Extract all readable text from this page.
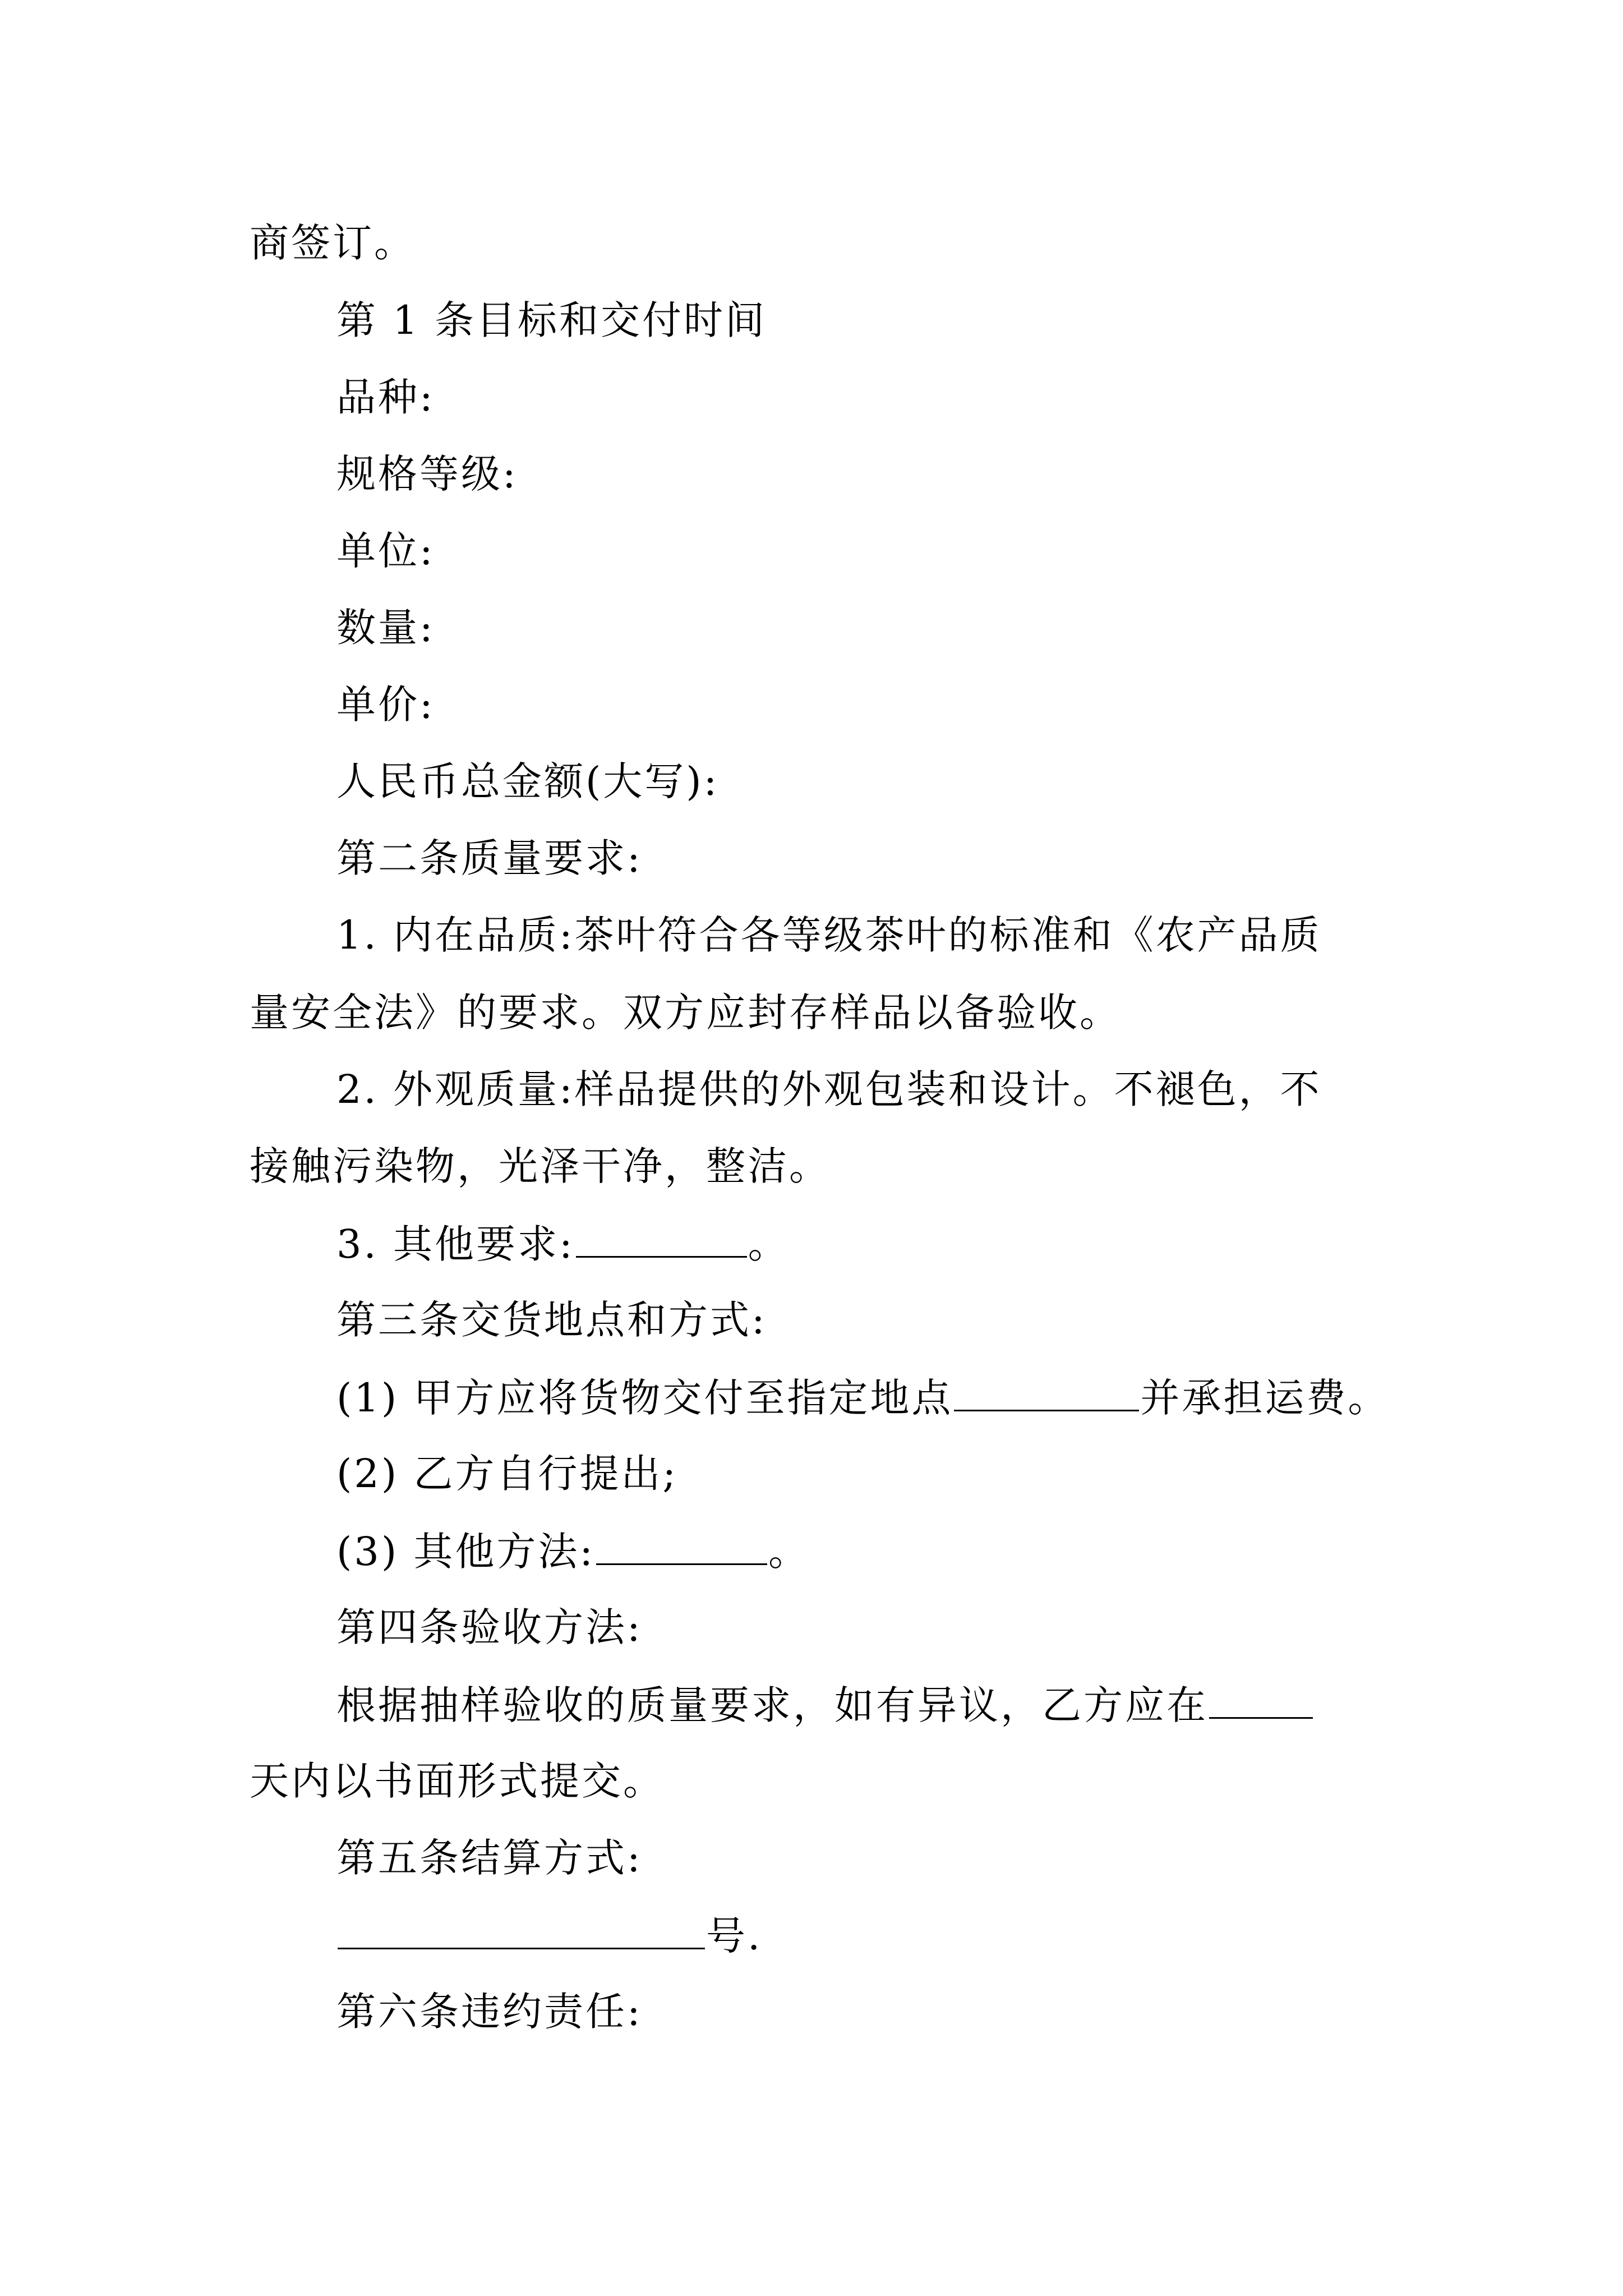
商签订。
第 1 条目标和交付时间
品种:
规格等级:
单位:
数量:
单价:
人民币总金额(大写):
第二条质量要求:
1. 内在品质:茶叶符合各等级茶叶的标准和《农产品质
量安全法》的要求。双方应封存样品以备验收。
2. 外观质量:样品提供的外观包装和设计。不褪色，不
接触污染物，光泽干净，整洁。
3. 其他要求:	。
第三条交货地点和方式:
(1) 甲方应将货物交付至指定地点	并承担运费。
(2) 乙方自行提出;
(3) 其他方法:	。
第四条验收方法:
根据抽样验收的质量要求，如有异议，乙方应在
天内以书面形式提交。
第五条结算方式:
号.
第六条违约责任:
